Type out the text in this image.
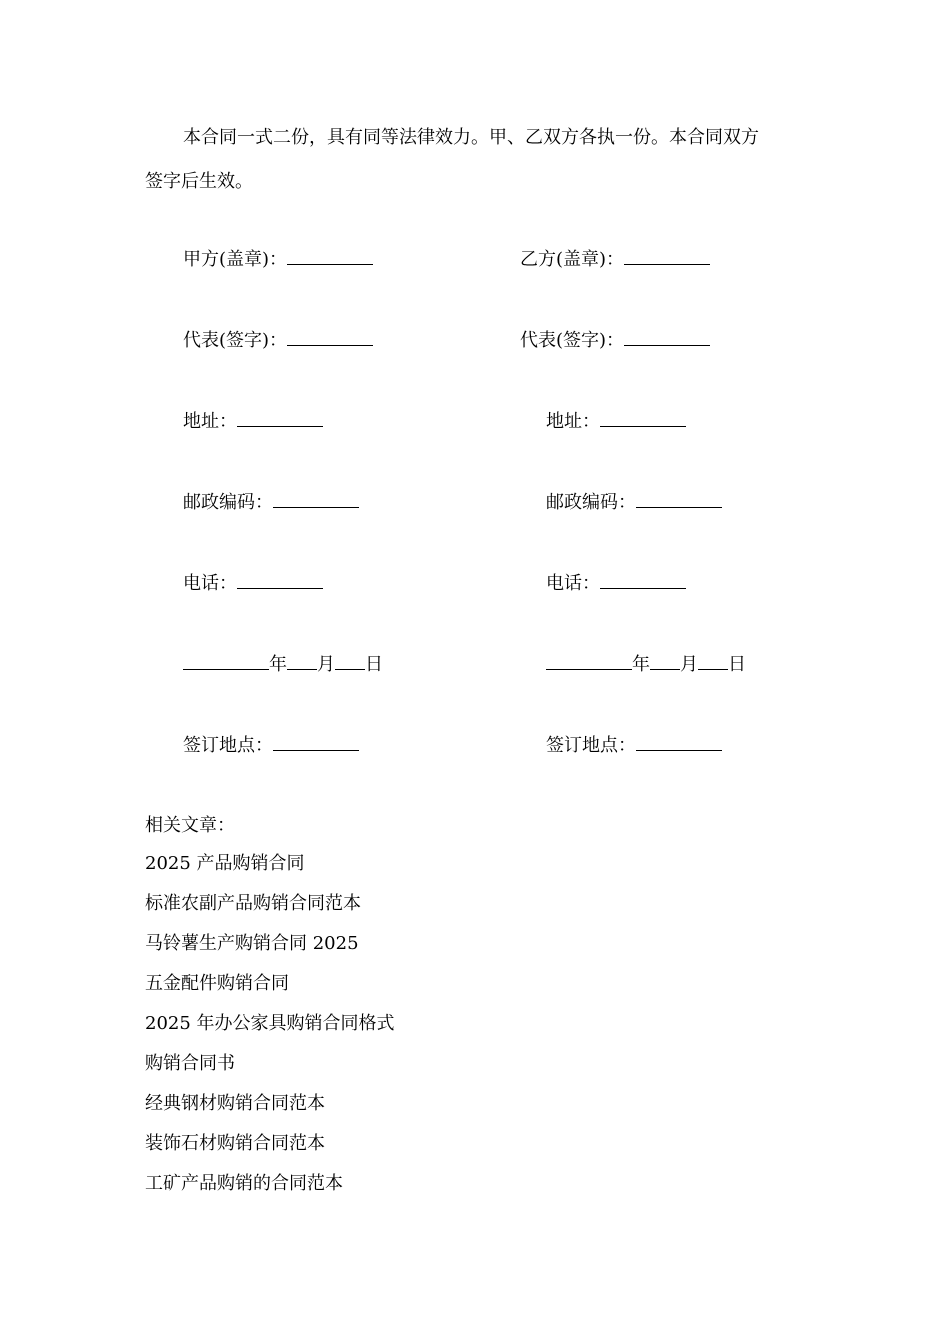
本合同一式二份，具有同等法律效力。甲、乙双方各执一份。本合同双方
签字后生效。
甲方(盖章)：
代表(签字)：
地址：
邮政编码：
电话：
年 月 日
签订地点：
乙方(盖章)：
代表(签字)：
地址：
邮政编码：
电话：
年 月 日
签订地点：
相关文章：
2025 产品购销合同
标准农副产品购销合同范本
马铃薯生产购销合同 2025
五金配件购销合同
2025 年办公家具购销合同格式
购销合同书
经典钢材购销合同范本
装饰石材购销合同范本
工矿产品购销的合同范本
